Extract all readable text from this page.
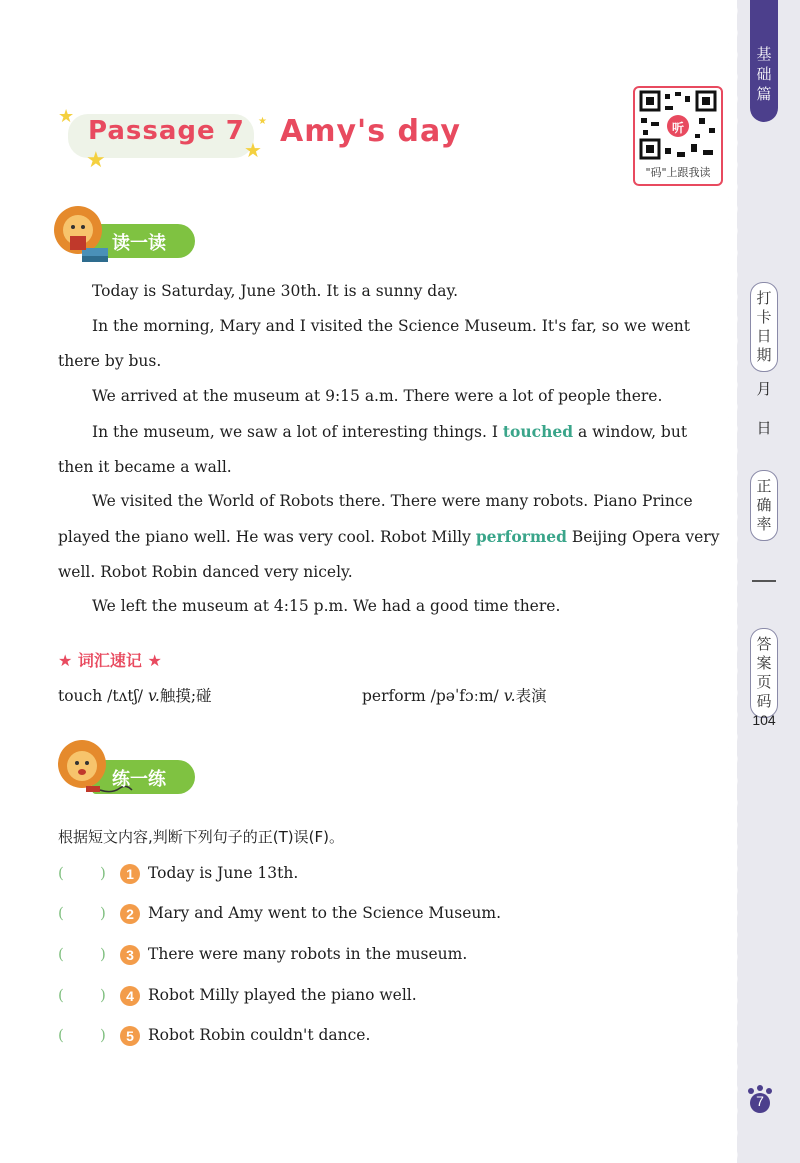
基础篇
打卡日期
月
日
正确率
答案页码
104
7
★
★	★
★
Passage 7 Amy's day	听
"码"上跟我读
读一读

Today is Saturday, June 30th. It is a sunny day.

In the morning, Mary and I visited the Science Museum. It's far, so we went there by bus.

We arrived at the museum at 9:15 a.m. There were a lot of people there.

In the museum, we saw a lot of interesting things. I touched a window, but then it became a wall.

We visited the World of Robots there. There were many robots. Piano Prince played the piano well. He was very cool. Robot Milly performed Beijing Opera very well. Robot Robin danced very nicely.

We left the museum at 4:15 p.m. We had a good time there.

★ 词汇速记 ★
touch /tʌtʃ/ v.触摸;碰	perform /pəˈfɔːm/ v.表演
练一练
根据短文内容,判断下列句子的正(T)误(F)。
( )	1 Today is June 13th.
( )	2 Mary and Amy went to the Science Museum.
( )	3 There were many robots in the museum.
( )	4 Robot Milly played the piano well.
( )	5 Robot Robin couldn't dance.
